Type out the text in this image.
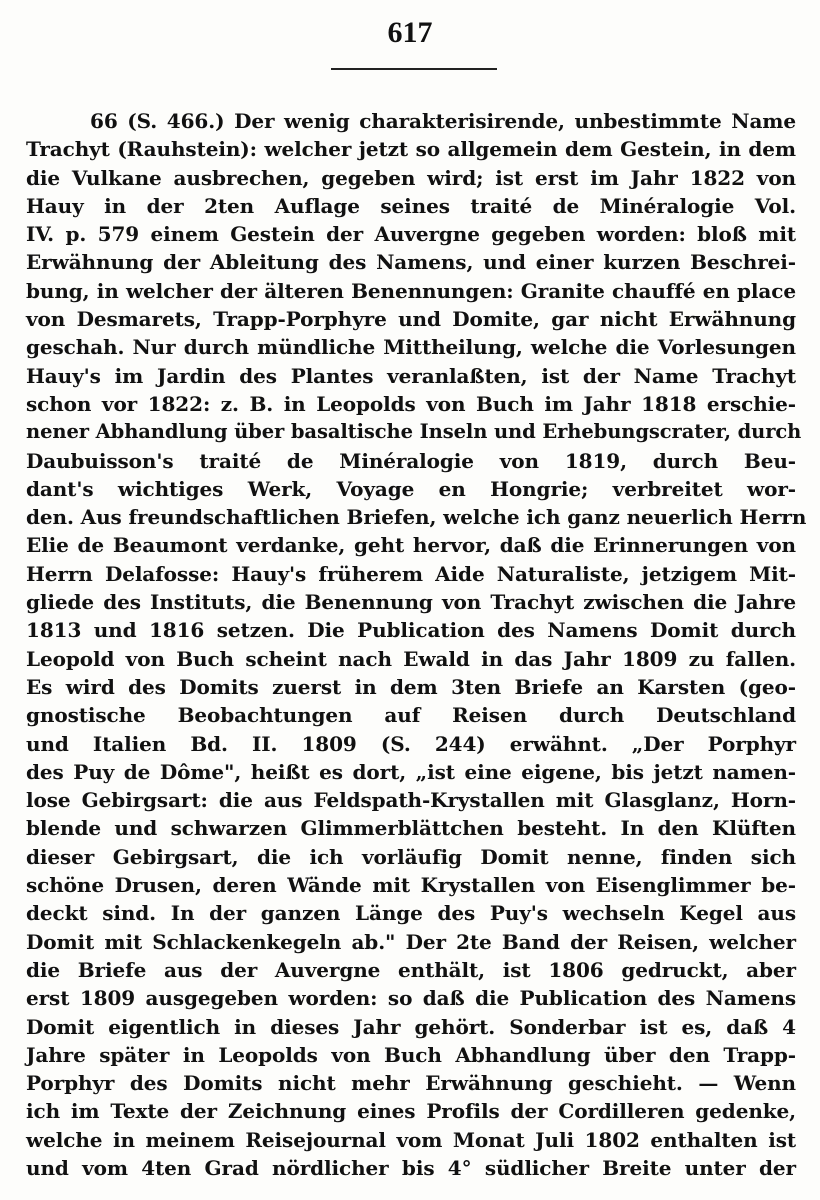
617
66 (S. 466.) Der wenig charakterisirende, unbestimmte Name
Trachyt (Rauhstein): welcher jetzt so allgemein dem Gestein, in dem
die Vulkane ausbrechen, gegeben wird; ist erst im Jahr 1822 von
Hauy in der 2ten Auflage seines traité de Minéralogie Vol.
IV. p. 579 einem Gestein der Auvergne gegeben worden: bloß mit
Erwähnung der Ableitung des Namens, und einer kurzen Beschrei-
bung, in welcher der älteren Benennungen: Granite chauffé en place
von Desmarets, Trapp-Porphyre und Domite, gar nicht Erwähnung
geschah. Nur durch mündliche Mittheilung, welche die Vorlesungen
Hauy's im Jardin des Plantes veranlaßten, ist der Name Trachyt
schon vor 1822: z. B. in Leopolds von Buch im Jahr 1818 erschie-
nener Abhandlung über basaltische Inseln und Erhebungscrater, durch
Daubuisson's traité de Minéralogie von 1819, durch Beu-
dant's wichtiges Werk, Voyage en Hongrie; verbreitet wor-
den. Aus freundschaftlichen Briefen, welche ich ganz neuerlich Herrn
Elie de Beaumont verdanke, geht hervor, daß die Erinnerungen von
Herrn Delafosse: Hauy's früherem Aide Naturaliste, jetzigem Mit-
gliede des Instituts, die Benennung von Trachyt zwischen die Jahre
1813 und 1816 setzen. Die Publication des Namens Domit durch
Leopold von Buch scheint nach Ewald in das Jahr 1809 zu fallen.
Es wird des Domits zuerst in dem 3ten Briefe an Karsten (geo-
gnostische Beobachtungen auf Reisen durch Deutschland
und Italien Bd. II. 1809 (S. 244) erwähnt. „Der Porphyr
des Puy de Dôme", heißt es dort, „ist eine eigene, bis jetzt namen-
lose Gebirgsart: die aus Feldspath-Krystallen mit Glasglanz, Horn-
blende und schwarzen Glimmerblättchen besteht. In den Klüften
dieser Gebirgsart, die ich vorläufig Domit nenne, finden sich
schöne Drusen, deren Wände mit Krystallen von Eisenglimmer be-
deckt sind. In der ganzen Länge des Puy's wechseln Kegel aus
Domit mit Schlackenkegeln ab." Der 2te Band der Reisen, welcher
die Briefe aus der Auvergne enthält, ist 1806 gedruckt, aber
erst 1809 ausgegeben worden: so daß die Publication des Namens
Domit eigentlich in dieses Jahr gehört. Sonderbar ist es, daß 4
Jahre später in Leopolds von Buch Abhandlung über den Trapp-
Porphyr des Domits nicht mehr Erwähnung geschieht. — Wenn
ich im Texte der Zeichnung eines Profils der Cordilleren gedenke,
welche in meinem Reisejournal vom Monat Juli 1802 enthalten ist
und vom 4ten Grad nördlicher bis 4° südlicher Breite unter der
